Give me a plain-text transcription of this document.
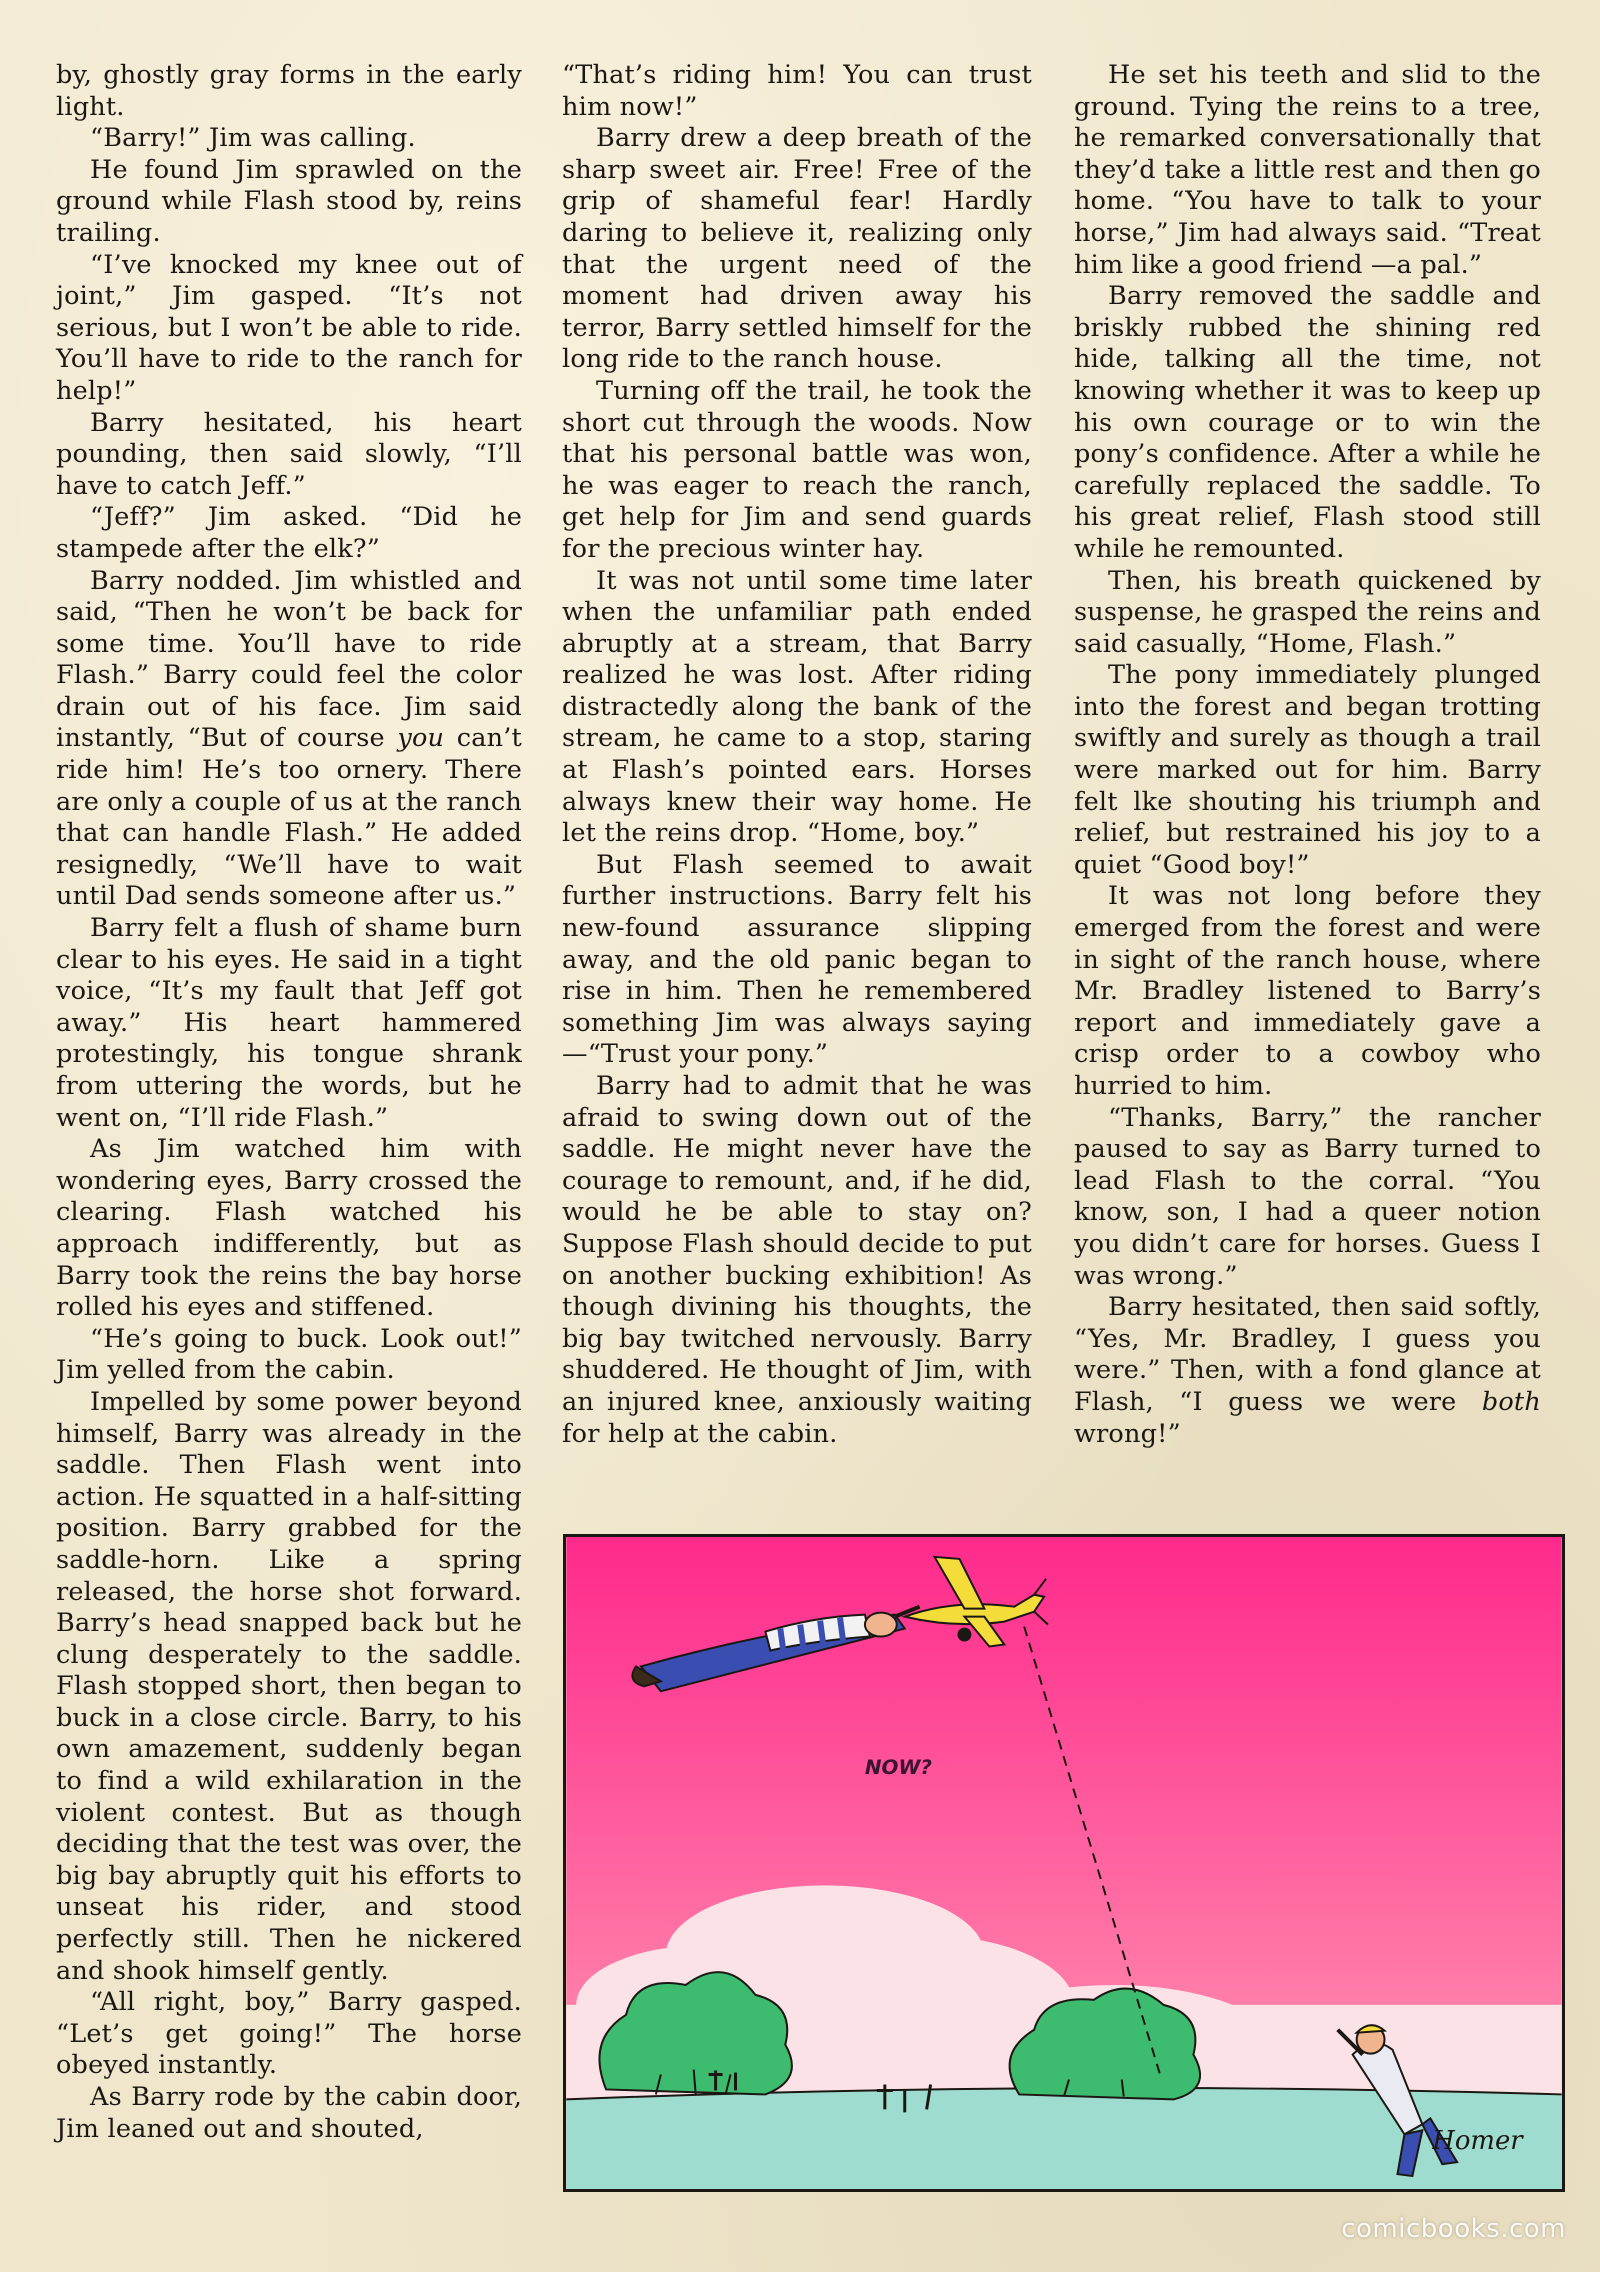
by, ghostly gray forms in the early light.

“Barry!” Jim was calling.

He found Jim sprawled on the ground while Flash stood by, reins trailing.

“I’ve knocked my knee out of joint,” Jim gasped. “It’s not serious, but I won’t be able to ride. You’ll have to ride to the ranch for help!”

Barry hesitated, his heart pounding, then said slowly, “I’ll have to catch Jeff.”

“Jeff?” Jim asked. “Did he stampede after the elk?”

Barry nodded. Jim whistled and said, “Then he won’t be back for some time. You’ll have to ride Flash.” Barry could feel the color drain out of his face. Jim said instantly, “But of course you can’t ride him! He’s too ornery. There are only a couple of us at the ranch that can handle Flash.” He added resignedly, “We’ll have to wait until Dad sends someone after us.”

Barry felt a flush of shame burn clear to his eyes. He said in a tight voice, “It’s my fault that Jeff got away.” His heart hammered protestingly, his tongue shrank from uttering the words, but he went on, “I’ll ride Flash.”

As Jim watched him with wondering eyes, Barry crossed the clearing. Flash watched his approach indifferently, but as Barry took the reins the bay horse rolled his eyes and stiffened.

“He’s going to buck. Look out!” Jim yelled from the cabin.

Impelled by some power beyond himself, Barry was already in the saddle. Then Flash went into action. He squatted in a half-sitting position. Barry grabbed for the saddle-horn. Like a spring released, the horse shot forward. Barry’s head snapped back but he clung desperately to the saddle. Flash stopped short, then began to buck in a close circle. Barry, to his own amazement, suddenly began to find a wild exhilaration in the violent contest. But as though deciding that the test was over, the big bay abruptly quit his efforts to unseat his rider, and stood perfectly still. Then he nickered and shook himself gently.

“All right, boy,” Barry gasped. “Let’s get going!” The horse obeyed instantly.

As Barry rode by the cabin door, Jim leaned out and shouted,

“That’s riding him! You can trust him now!”

Barry drew a deep breath of the sharp sweet air. Free! Free of the grip of shameful fear! Hardly daring to believe it, realizing only that the urgent need of the moment had driven away his terror, Barry settled himself for the long ride to the ranch house.

Turning off the trail, he took the short cut through the woods. Now that his personal battle was won, he was eager to reach the ranch, get help for Jim and send guards for the precious winter hay.

It was not until some time later when the unfamiliar path ended abruptly at a stream, that Barry realized he was lost. After riding distractedly along the bank of the stream, he came to a stop, staring at Flash’s pointed ears. Horses always knew their way home. He let the reins drop. “Home, boy.”

But Flash seemed to await further instructions. Barry felt his new-found assurance slipping away, and the old panic began to rise in him. Then he remembered something Jim was always saying —“Trust your pony.”

Barry had to admit that he was afraid to swing down out of the saddle. He might never have the courage to remount, and, if he did, would he be able to stay on? Suppose Flash should decide to put on another bucking exhibition! As though divining his thoughts, the big bay twitched nervously. Barry shuddered. He thought of Jim, with an injured knee, anxiously waiting for help at the cabin.

He set his teeth and slid to the ground. Tying the reins to a tree, he remarked conversationally that they’d take a little rest and then go home. “You have to talk to your horse,” Jim had always said. “Treat him like a good friend —a pal.”

Barry removed the saddle and briskly rubbed the shining red hide, talking all the time, not knowing whether it was to keep up his own courage or to win the pony’s confidence. After a while he carefully replaced the saddle. To his great relief, Flash stood still while he remounted.

Then, his breath quickened by suspense, he grasped the reins and said casually, “Home, Flash.”

The pony immediately plunged into the forest and began trotting swiftly and surely as though a trail were marked out for him. Barry felt lke shouting his triumph and relief, but restrained his joy to a quiet “Good boy!”

It was not long before they emerged from the forest and were in sight of the ranch house, where Mr. Bradley listened to Barry’s report and immediately gave a crisp order to a cowboy who hurried to him.

“Thanks, Barry,” the rancher paused to say as Barry turned to lead Flash to the corral. “You know, son, I had a queer notion you didn’t care for horses. Guess I was wrong.”

Barry hesitated, then said softly, “Yes, Mr. Bradley, I guess you were.” Then, with a fond glance at Flash, “I guess we were both wrong!”

NOW?
Homer
comicbooks.com
